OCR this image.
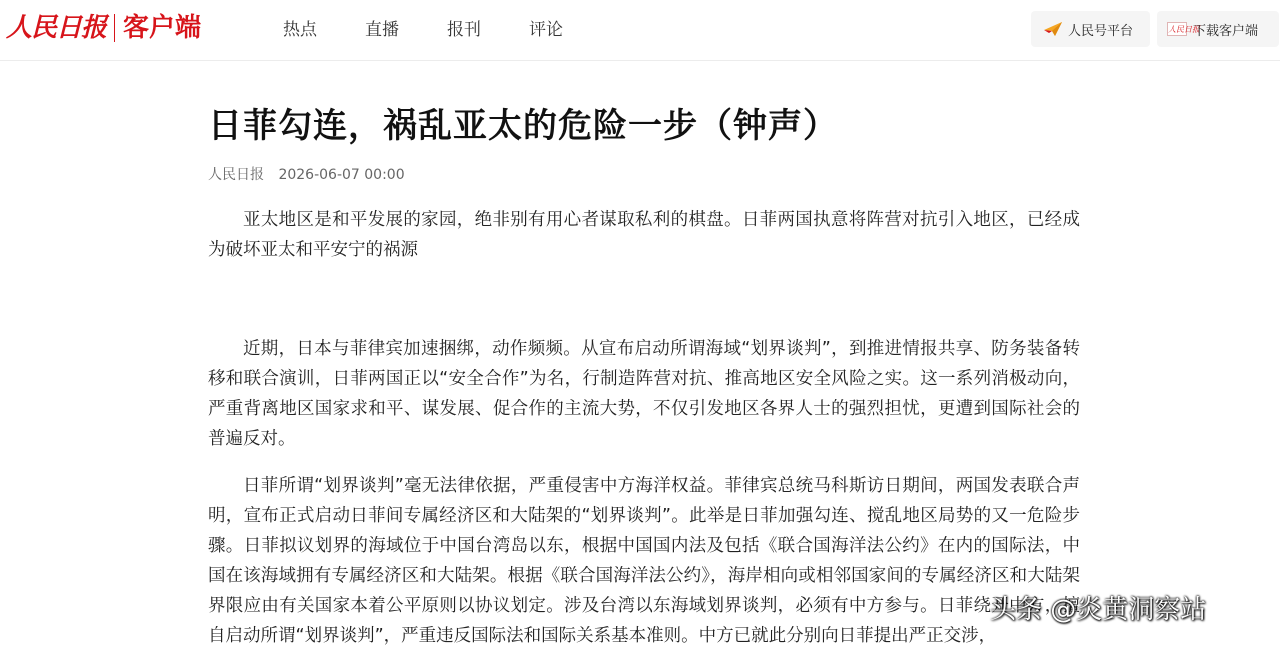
人民日报 客户端	热点	直播	报刊	评论	人民号平台	人民日报
下载客户端
日菲勾连，祸乱亚太的危险一步（钟声）
人民日报 2026-06-07 00:00

亚太地区是和平发展的家园，绝非别有用心者谋取私利的棋盘。日菲两国执意将阵营对抗引入地区，已经成为破坏亚太和平安宁的祸源

近期，日本与菲律宾加速捆绑，动作频频。从宣布启动所谓海域“划界谈判”，到推进情报共享、防务装备转移和联合演训，日菲两国正以“安全合作”为名，行制造阵营对抗、推高地区安全风险之实。这一系列消极动向，严重背离地区国家求和平、谋发展、促合作的主流大势，不仅引发地区各界人士的强烈担忧，更遭到国际社会的普遍反对。

日菲所谓“划界谈判”毫无法律依据，严重侵害中方海洋权益。菲律宾总统马科斯访日期间，两国发表联合声明，宣布正式启动日菲间专属经济区和大陆架的“划界谈判”。此举是日菲加强勾连、搅乱地区局势的又一危险步骤。日菲拟议划界的海域位于中国台湾岛以东，根据中国国内法及包括《联合国海洋法公约》在内的国际法，中国在该海域拥有专属经济区和大陆架。根据《联合国海洋法公约》，海岸相向或相邻国家间的专属经济区和大陆架界限应由有关国家本着公平原则以协议划定。涉及台湾以东海域划界谈判，必须有中方参与。日菲绕开中方，擅自启动所谓“划界谈判”，严重违反国际法和国际关系基本准则。中方已就此分别向日菲提出严正交涉，

头条 @炎黄洞察站
